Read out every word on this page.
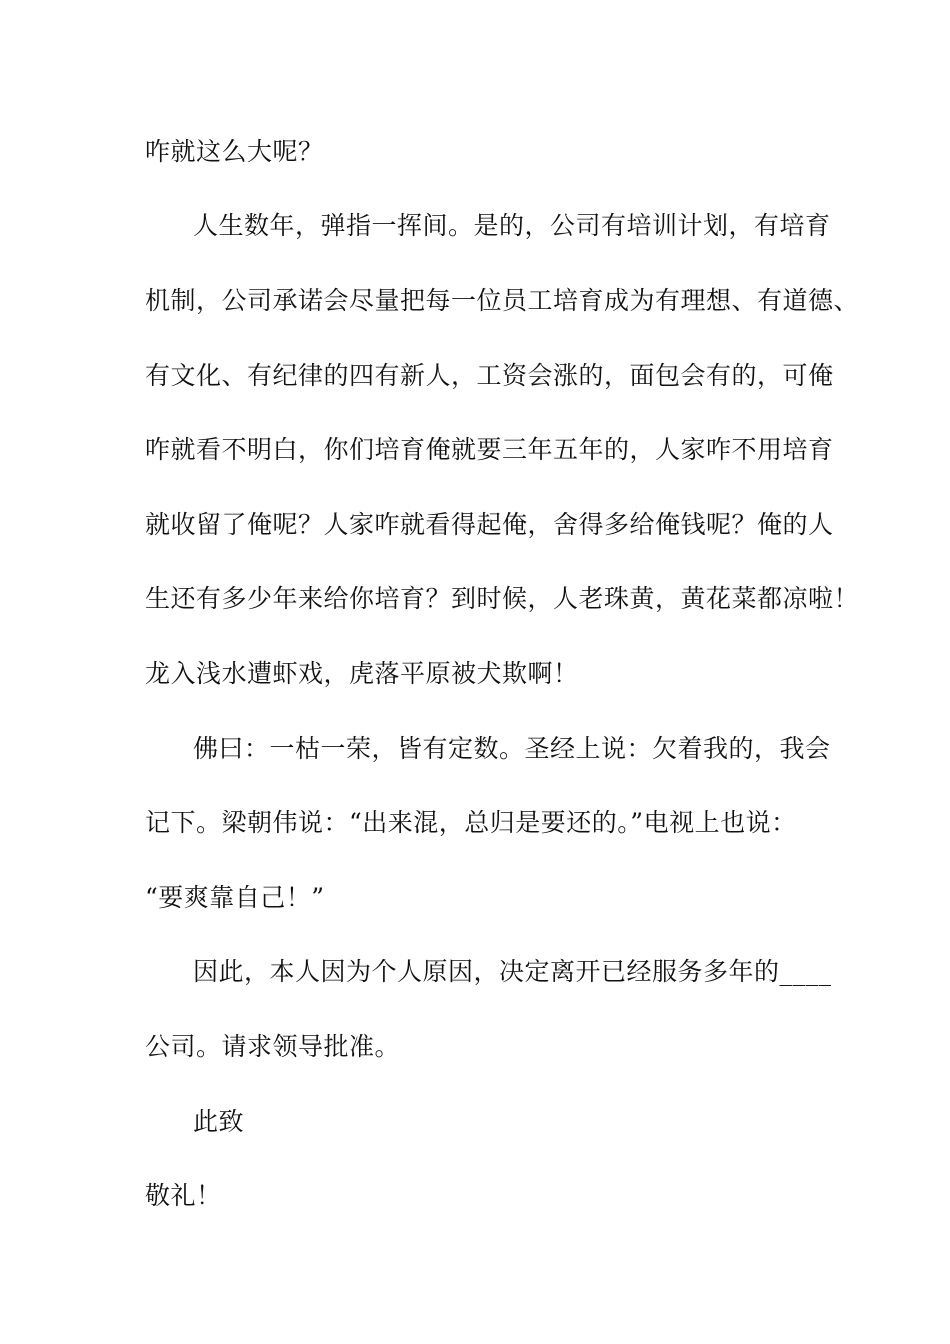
咋就这么大呢？
人生数年，弹指一挥间。是的，公司有培训计划，有培育
机制，公司承诺会尽量把每一位员工培育成为有理想、有道德、
有文化、有纪律的四有新人，工资会涨的，面包会有的，可俺
咋就看不明白，你们培育俺就要三年五年的，人家咋不用培育
就收留了俺呢？人家咋就看得起俺，舍得多给俺钱呢？俺的人
生还有多少年来给你培育？到时候，人老珠黄，黄花菜都凉啦！
龙入浅水遭虾戏，虎落平原被犬欺啊！
佛曰：一枯一荣，皆有定数。圣经上说：欠着我的，我会
记下。梁朝伟说：“出来混，总归是要还的。”电视上也说：
“要爽靠自己！”
因此，本人因为个人原因，决定离开已经服务多年的____
公司。请求领导批准。
此致
敬礼！
